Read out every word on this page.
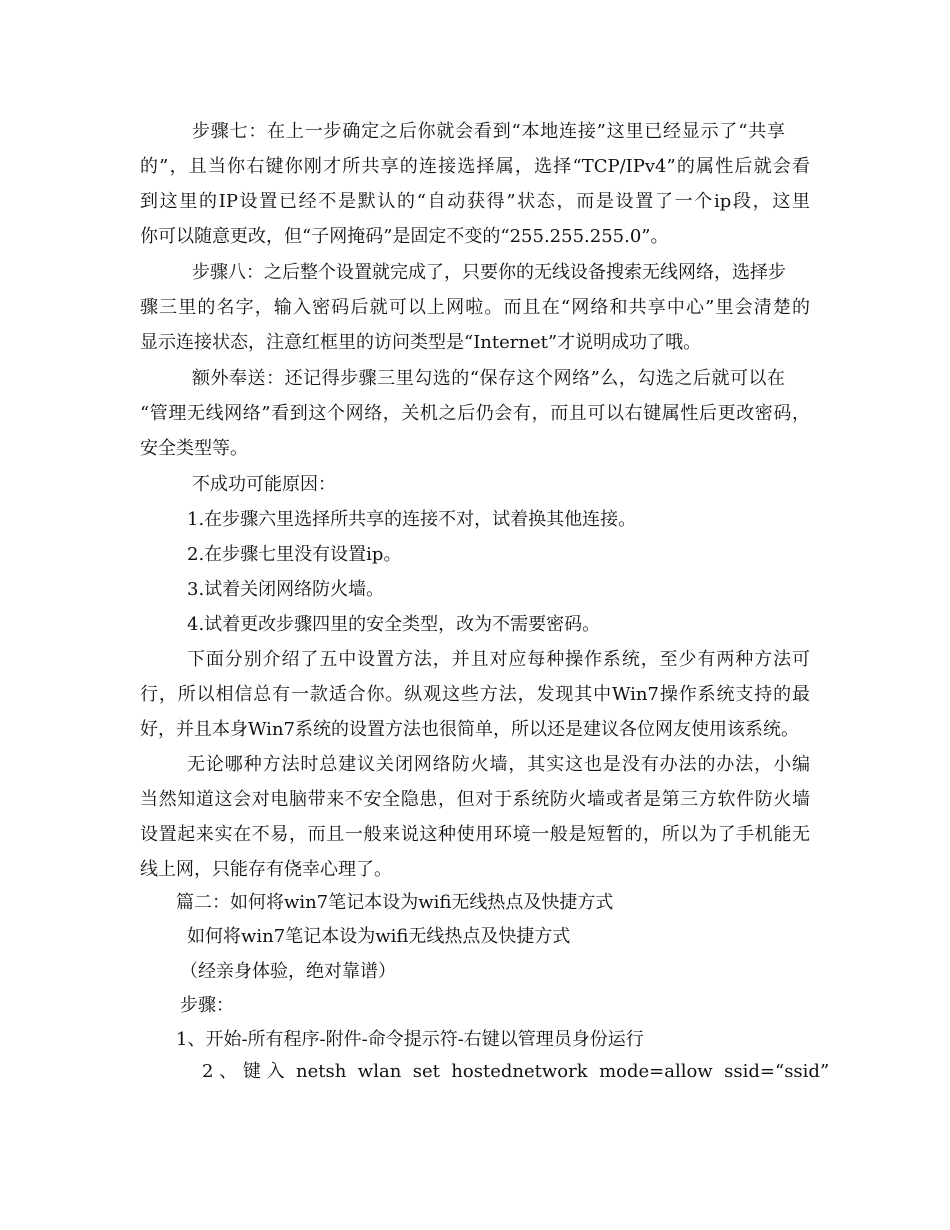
步骤七：在上一步确定之后你就会看到“本地连接”这里已经显示了“共享
的”，且当你右键你刚才所共享的连接选择属，选择“TCP/IPv4”的属性后就会看
到这里的IP设置已经不是默认的“自动获得”状态，而是设置了一个ip段，这里
你可以随意更改，但“子网掩码”是固定不变的“255.255.255.0”。
步骤八：之后整个设置就完成了，只要你的无线设备搜索无线网络，选择步
骤三里的名字，输入密码后就可以上网啦。而且在“网络和共享中心”里会清楚的
显示连接状态，注意红框里的访问类型是“Internet”才说明成功了哦。
额外奉送：还记得步骤三里勾选的“保存这个网络”么，勾选之后就可以在
“管理无线网络”看到这个网络，关机之后仍会有，而且可以右键属性后更改密码，
安全类型等。
不成功可能原因：
1.在步骤六里选择所共享的连接不对，试着换其他连接。
2.在步骤七里没有设置ip。
3.试着关闭网络防火墙。
4.试着更改步骤四里的安全类型，改为不需要密码。
下面分别介绍了五中设置方法，并且对应每种操作系统，至少有两种方法可
行，所以相信总有一款适合你。纵观这些方法，发现其中Win7操作系统支持的最
好，并且本身Win7系统的设置方法也很简单，所以还是建议各位网友使用该系统。
无论哪种方法时总建议关闭网络防火墙，其实这也是没有办法的办法，小编
当然知道这会对电脑带来不安全隐患，但对于系统防火墙或者是第三方软件防火墙
设置起来实在不易，而且一般来说这种使用环境一般是短暂的，所以为了手机能无
线上网，只能存有侥幸心理了。
篇二：如何将win7笔记本设为wifi无线热点及快捷方式
如何将win7笔记本设为wifi无线热点及快捷方式
（经亲身体验，绝对靠谱）
步骤：
1、开始-所有程序-附件-命令提示符-右键以管理员身份运行
2 、 键 入  netsh  wlan  set  hostednetwork  mode=allow  ssid=“ssid”
